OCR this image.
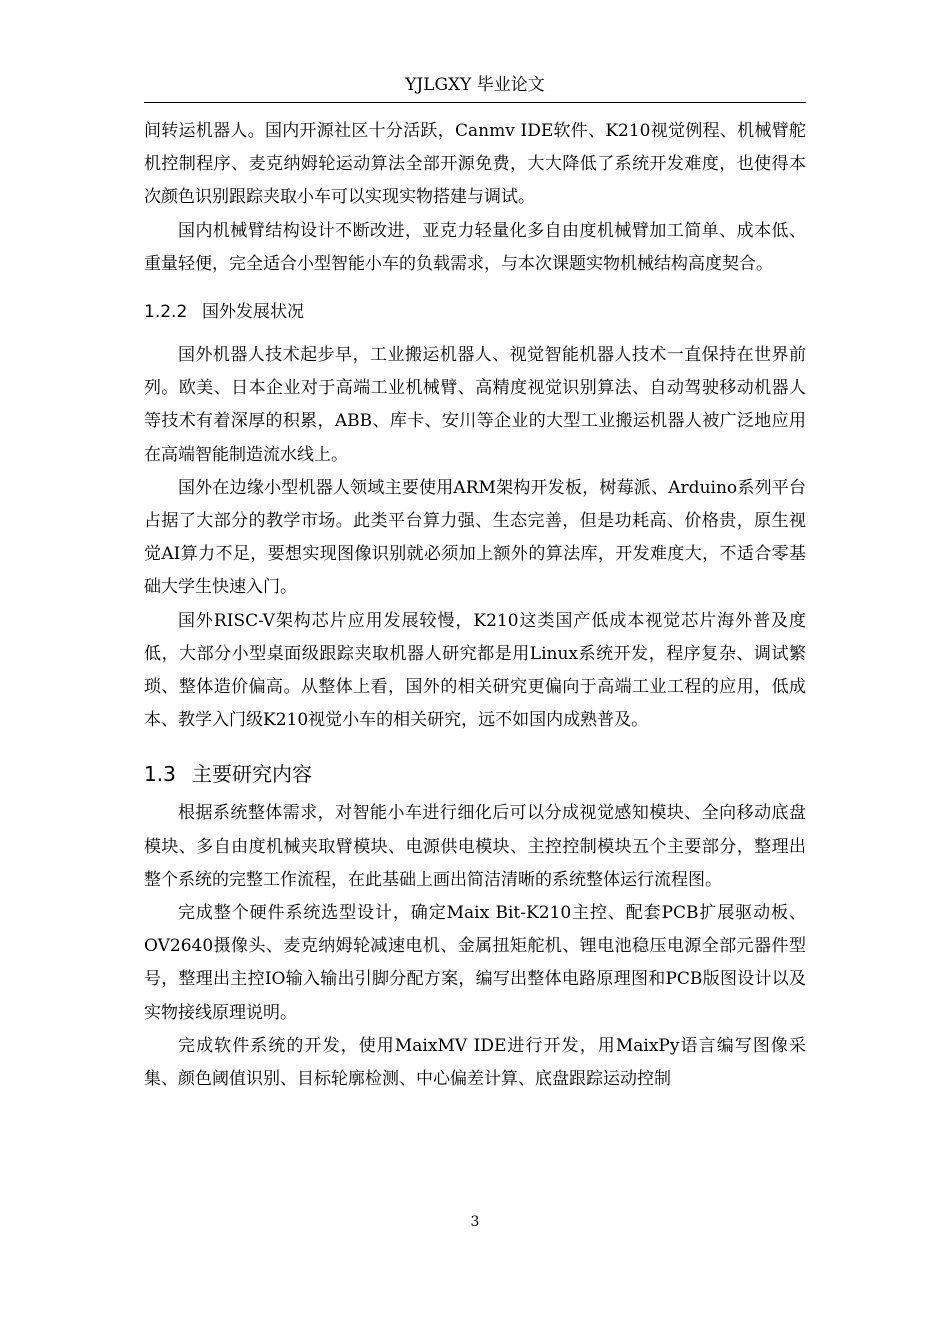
YJLGXY 毕业论文

间转运机器人。国内开源社区十分活跃，Canmv IDE软件、K210视觉例程、机械臂舵机控制程序、麦克纳姆轮运动算法全部开源免费，大大降低了系统开发难度，也使得本次颜色识别跟踪夹取小车可以实现实物搭建与调试。

国内机械臂结构设计不断改进，亚克力轻量化多自由度机械臂加工简单、成本低、重量轻便，完全适合小型智能小车的负载需求，与本次课题实物机械结构高度契合。

1.2.2 国外发展状况

国外机器人技术起步早，工业搬运机器人、视觉智能机器人技术一直保持在世界前列。欧美、日本企业对于高端工业机械臂、高精度视觉识别算法、自动驾驶移动机器人等技术有着深厚的积累，ABB、库卡、安川等企业的大型工业搬运机器人被广泛地应用在高端智能制造流水线上。

国外在边缘小型机器人领域主要使用ARM架构开发板，树莓派、Arduino系列平台占据了大部分的教学市场。此类平台算力强、生态完善，但是功耗高、价格贵，原生视觉AI算力不足，要想实现图像识别就必须加上额外的算法库，开发难度大，不适合零基础大学生快速入门。

国外RISC-V架构芯片应用发展较慢，K210这类国产低成本视觉芯片海外普及度低，大部分小型桌面级跟踪夹取机器人研究都是用Linux系统开发，程序复杂、调试繁琐、整体造价偏高。从整体上看，国外的相关研究更偏向于高端工业工程的应用，低成本、教学入门级K210视觉小车的相关研究，远不如国内成熟普及。

1.3 主要研究内容

根据系统整体需求，对智能小车进行细化后可以分成视觉感知模块、全向移动底盘模块、多自由度机械夹取臂模块、电源供电模块、主控控制模块五个主要部分，整理出整个系统的完整工作流程，在此基础上画出简洁清晰的系统整体运行流程图。

完成整个硬件系统选型设计，确定Maix Bit-K210主控、配套PCB扩展驱动板、OV2640摄像头、麦克纳姆轮减速电机、金属扭矩舵机、锂电池稳压电源全部元器件型号，整理出主控IO输入输出引脚分配方案，编写出整体电路原理图和PCB版图设计以及实物接线原理说明。

完成软件系统的开发，使用MaixMV IDE进行开发，用MaixPy语言编写图像采集、颜色阈值识别、目标轮廓检测、中心偏差计算、底盘跟踪运动控制

3
